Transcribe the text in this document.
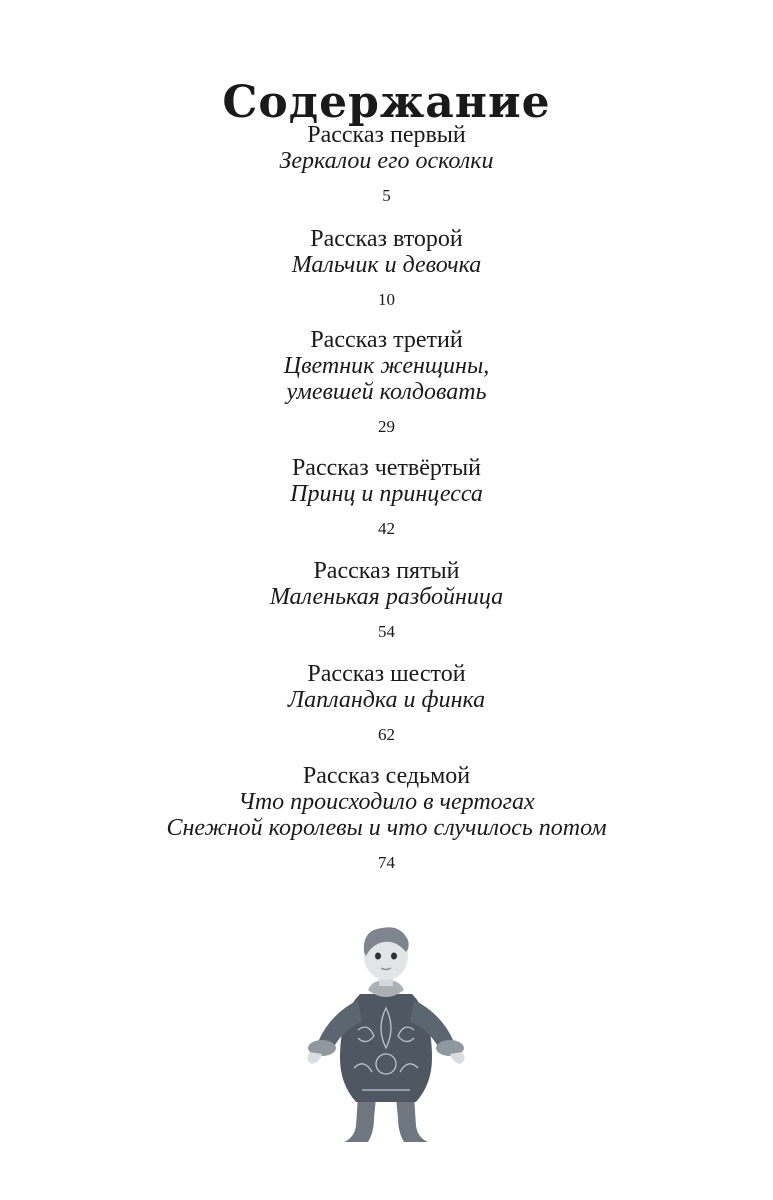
Содержание
Рассказ первый
Зеркалои его осколки
5
Рассказ второй
Мальчик и девочка
10
Рассказ третий
Цветник женщины,
умевшей колдовать
29
Рассказ четвёртый
Принц и принцесса
42
Рассказ пятый
Маленькая разбойница
54
Рассказ шестой
Лапландка и финка
62
Рассказ седьмой
Что происходило в чертогах
Снежной королевы и что случилось потом
74
